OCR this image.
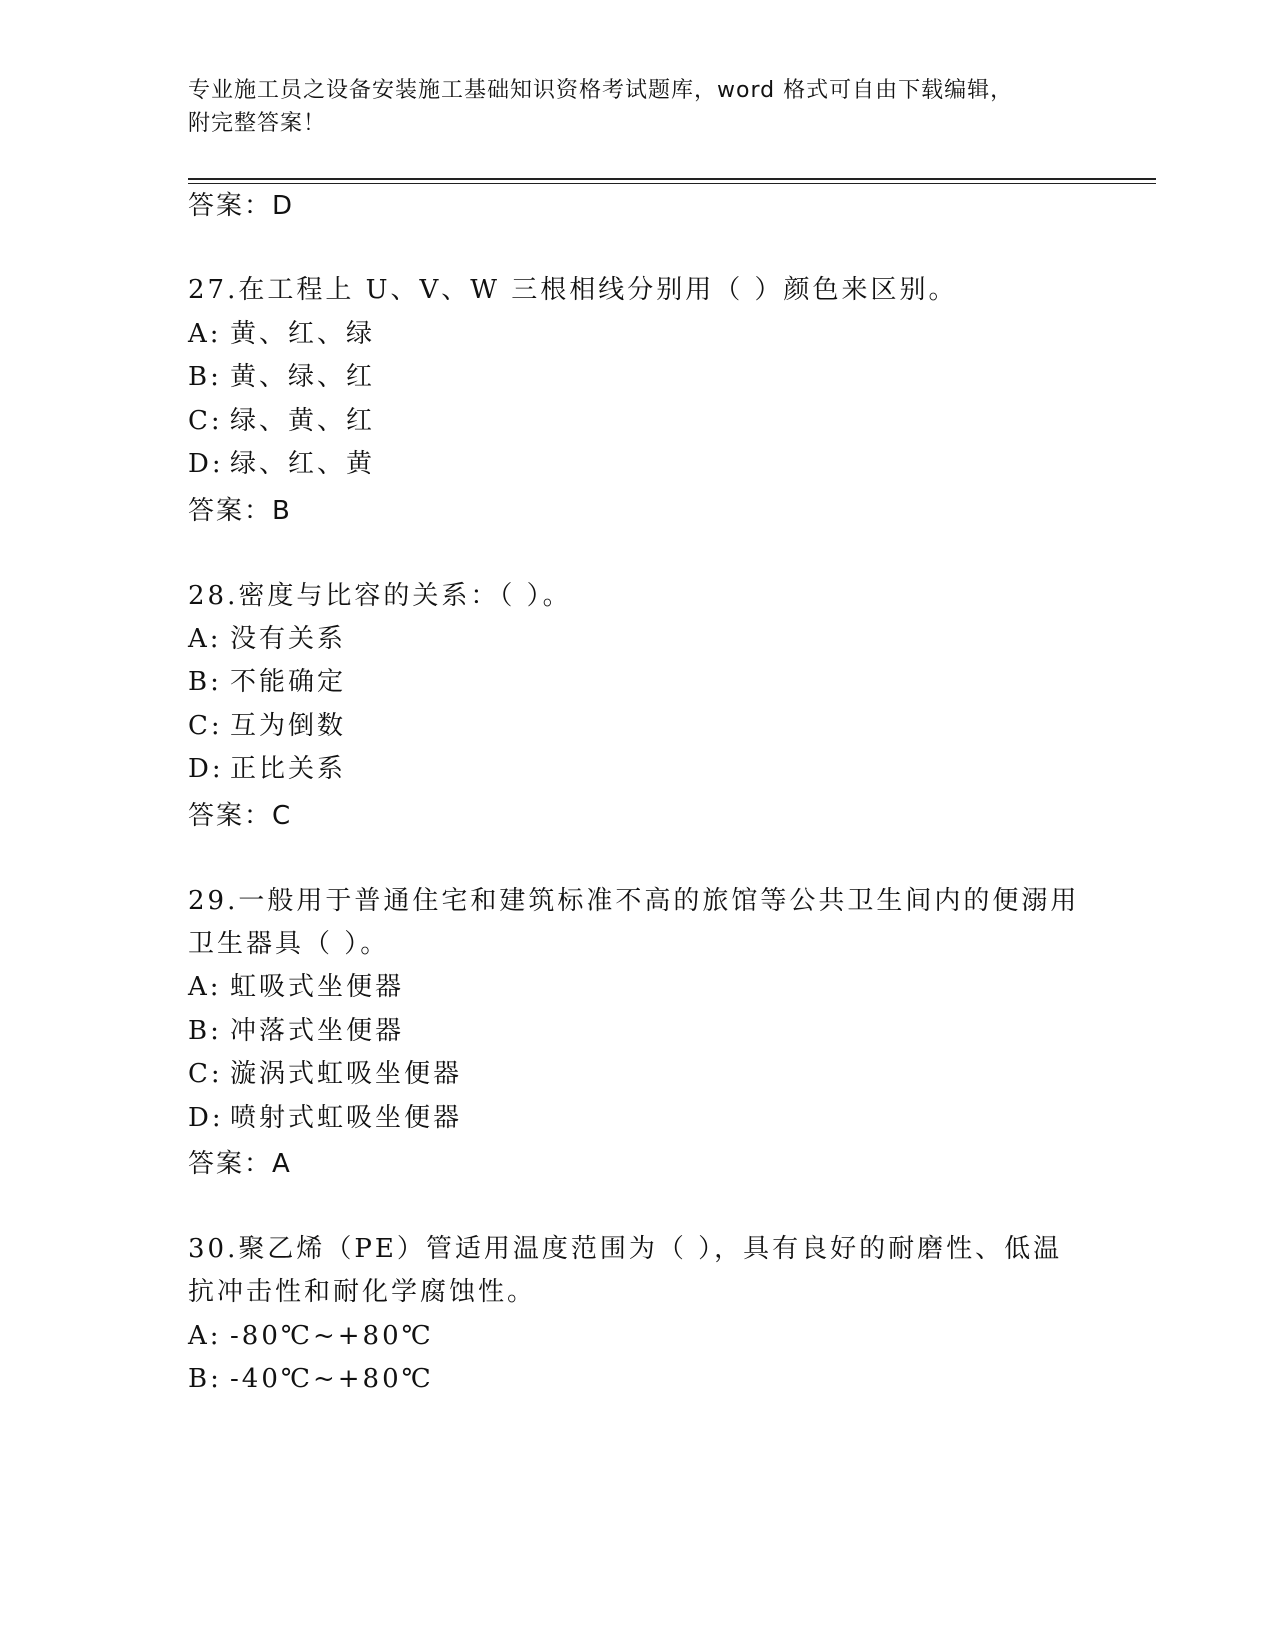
专业施工员之设备安装施工基础知识资格考试题库，word 格式可自由下载编辑，
附完整答案！
答案：D
27.在工程上 U、V、W 三根相线分别用（ ）颜色来区别。
A: 黄、红、绿
B: 黄、绿、红
C: 绿、黄、红
D: 绿、红、黄
答案：B
28.密度与比容的关系：（ ）。
A: 没有关系
B: 不能确定
C: 互为倒数
D: 正比关系
答案：C
29.一般用于普通住宅和建筑标准不高的旅馆等公共卫生间内的便溺用
卫生器具（ ）。
A: 虹吸式坐便器
B: 冲落式坐便器
C: 漩涡式虹吸坐便器
D: 喷射式虹吸坐便器
答案：A
30.聚乙烯（PE）管适用温度范围为（ ），具有良好的耐磨性、低温
抗冲击性和耐化学腐蚀性。
A: -80℃~+80℃
B: -40℃~+80℃
